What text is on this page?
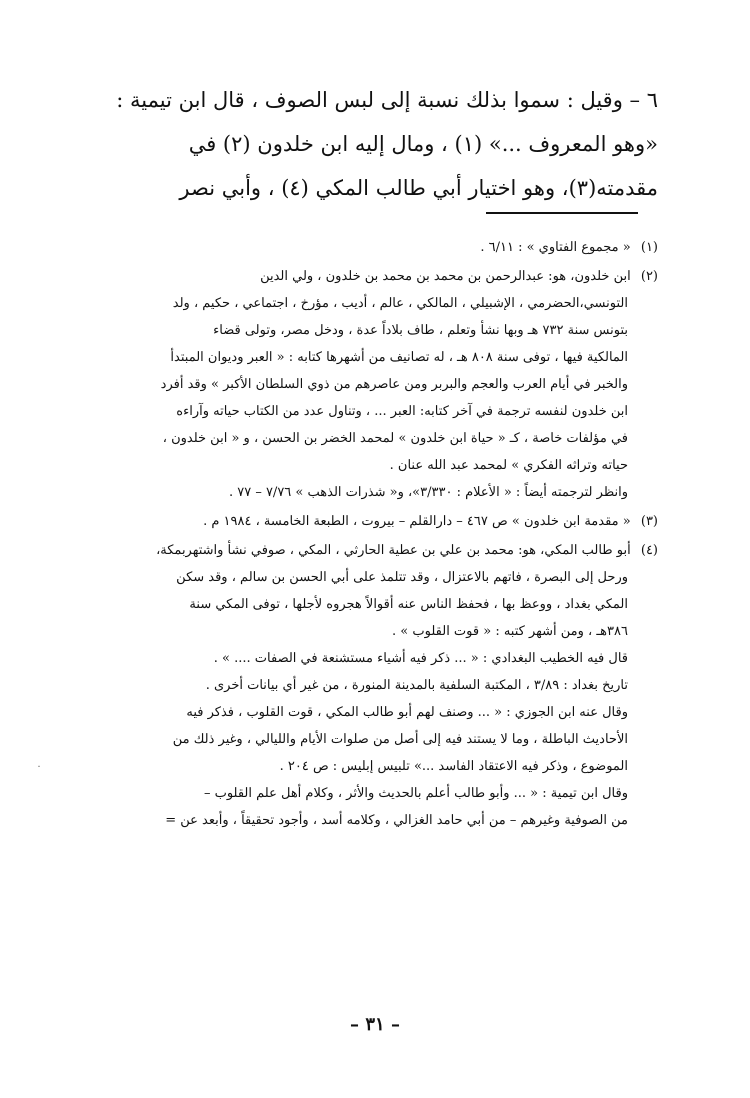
٦ – وقيل : سموا بذلك نسبة إلى لبس الصوف ، قال ابن تيمية :

«وهو المعروف ...» (١) ، ومال إليه ابن خلدون (٢) في

مقدمته(٣)، وهو اختيار أبي طالب المكي (٤) ، وأبي نصر

(١) « مجموع الفتاوي » : ٦/١١ .

(٢) ابن خلدون، هو: عبدالرحمن بن محمد بن محمد بن خلدون ، ولي الدين
التونسي،الحضرمي ، الإشبيلي ، المالكي ، عالم ، أديب ، مؤرخ ، اجتماعي ، حكيم ، ولد
بتونس سنة ٧٣٢ هـ وبها نشأ وتعلم ، طاف بلاداً عدة ، ودخل مصر، وتولى قضاء
المالكية فيها ، توفى سنة ٨٠٨ هـ ، له تصانيف من أشهرها كتابه : « العبر وديوان المبتدأ
والخبر في أيام العرب والعجم والبربر ومن عاصرهم من ذوي السلطان الأكبر » وقد أفرد
ابن خلدون لنفسه ترجمة في آخر كتابه: العبر ... ، وتناول عدد من الكتاب حياته وآراءه
في مؤلفات خاصة ، كـ « حياة ابن خلدون » لمحمد الخضر بن الحسن ، و « ابن خلدون ،
حياته وتراثه الفكري » لمحمد عبد الله عنان .
وانظر لترجمته أيضاً : « الأعلام : ٣/٣٣٠»، و« شذرات الذهب » ٧/٧٦ – ٧٧ .

(٣) « مقدمة ابن خلدون » ص ٤٦٧ – دارالقلم – بيروت ، الطبعة الخامسة ، ١٩٨٤ م .

(٤) أبو طالب المكي، هو: محمد بن علي بن عطية الحارثي ، المكي ، صوفي نشأ واشتهربمكة،
ورحل إلى البصرة ، فاتهم بالاعتزال ، وقد تتلمذ على أبي الحسن بن سالم ، وقد سكن
المكي بغداد ، ووعظ بها ، فحفظ الناس عنه أقوالاً هجروه لأجلها ، توفى المكي سنة
٣٨٦هـ ، ومن أشهر كتبه : « قوت القلوب » .
قال فيه الخطيب البغدادي : « ... ذكر فيه أشياء مستشنعة في الصفات .... » .
تاريخ بغداد : ٣/٨٩ ، المكتبة السلفية بالمدينة المنورة ، من غير أي بيانات أخرى .
وقال عنه ابن الجوزي : « ... وصنف لهم أبو طالب المكي ، قوت القلوب ، فذكر فيه
الأحاديث الباطلة ، وما لا يستند فيه إلى أصل من صلوات الأيام والليالي ، وغير ذلك من
الموضوع ، وذكر فيه الاعتقاد الفاسد ...» تلبيس إبليس : ص ٢٠٤ .
وقال ابن تيمية : « ... وأبو طالب أعلم بالحديث والأثر ، وكلام أهل علم القلوب –
من الصوفية وغيرهم – من أبي حامد الغزالي ، وكلامه أسد ، وأجود تحقيقاً ، وأبعد عن =
˙
– ٣١ –
